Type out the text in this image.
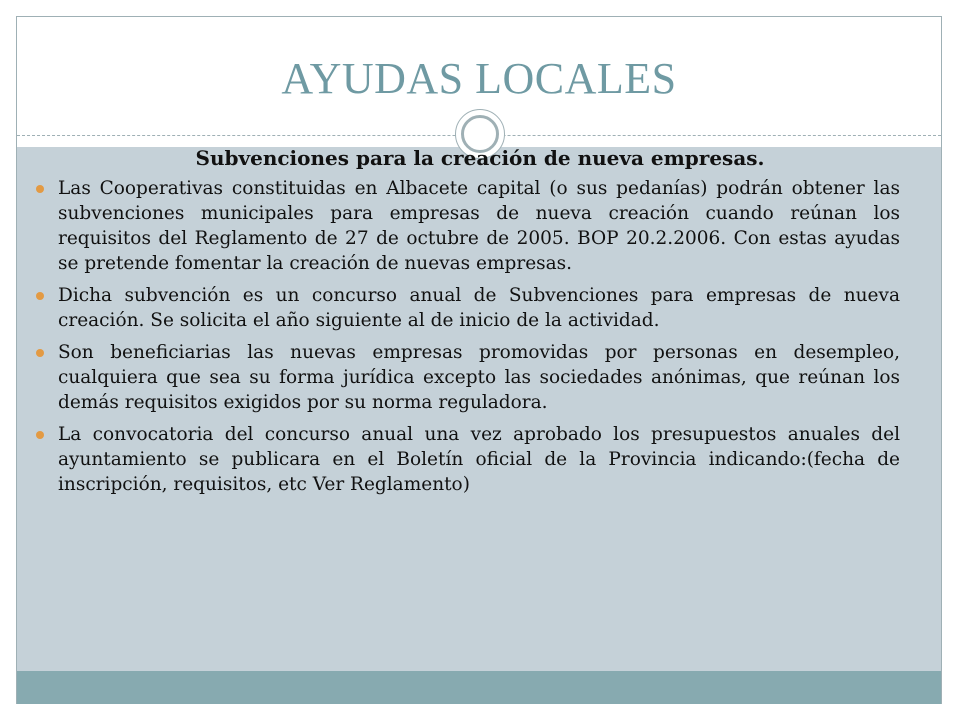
AYUDAS LOCALES
Subvenciones para la creación de nueva empresas.
Las Cooperativas constituidas en Albacete capital (o sus pedanías) podrán obtener las subvenciones municipales para empresas de nueva creación cuando reúnan los requisitos del Reglamento de 27 de octubre de 2005. BOP 20.2.2006. Con estas ayudas se pretende fomentar la creación de nuevas empresas.
Dicha subvención es un concurso anual de Subvenciones para empresas de nueva creación. Se solicita el año siguiente al de inicio de la actividad.
Son beneficiarias las nuevas empresas promovidas por personas en desempleo, cualquiera que sea su forma jurídica excepto las sociedades anónimas, que reúnan los demás requisitos exigidos por su norma reguladora.
La convocatoria del concurso anual una vez aprobado los presupuestos anuales del ayuntamiento se publicara en el Boletín oficial de la Provincia indicando:(fecha de inscripción, requisitos, etc Ver Reglamento)
